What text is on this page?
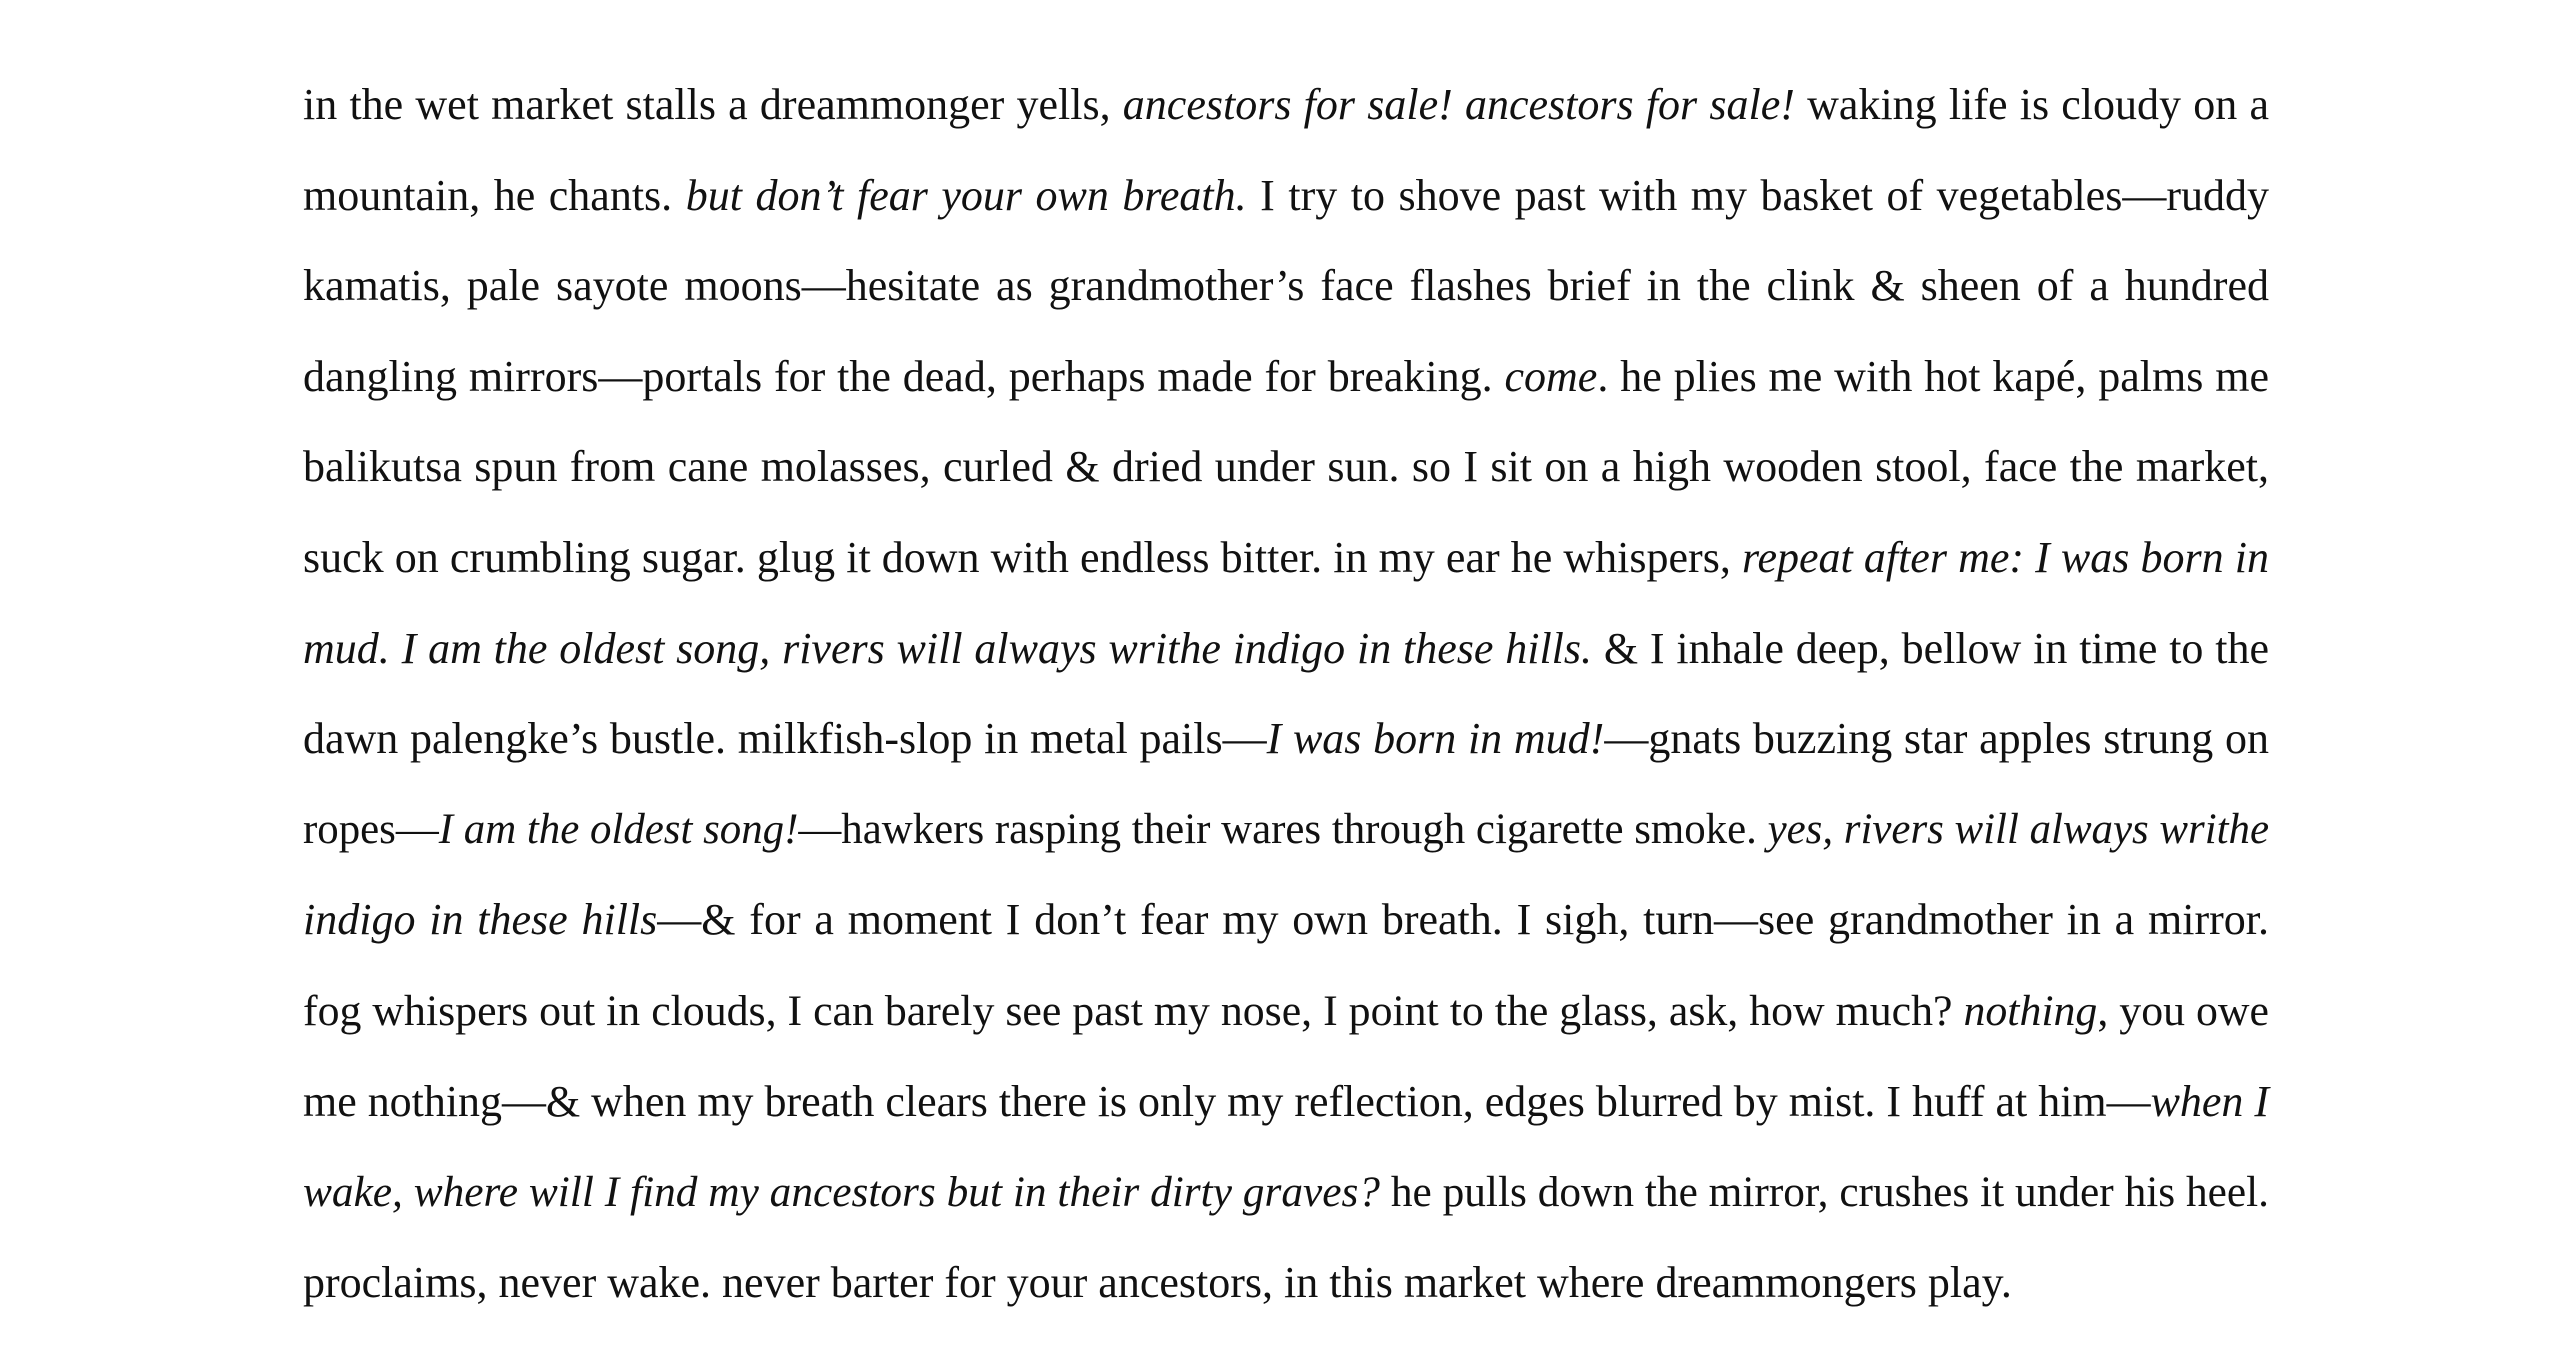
in the wet market stalls a dreammonger yells, ancestors for sale! ancestors for sale! waking life is cloudy on a
mountain, he chants. but don’t fear your own breath. I try to shove past with my basket of vegetables—ruddy
kamatis, pale sayote moons—hesitate as grandmother’s face flashes brief in the clink & sheen of a hundred
dangling mirrors—portals for the dead, perhaps made for breaking. come. he plies me with hot kapé, palms me
balikutsa spun from cane molasses, curled & dried under sun. so I sit on a high wooden stool, face the market,
suck on crumbling sugar. glug it down with endless bitter. in my ear he whispers, repeat after me: I was born in
mud. I am the oldest song, rivers will always writhe indigo in these hills. & I inhale deep, bellow in time to the
dawn palengke’s bustle. milkfish-slop in metal pails—I was born in mud!—gnats buzzing star apples strung on
ropes—I am the oldest song!—hawkers rasping their wares through cigarette smoke. yes, rivers will always writhe
indigo in these hills—& for a moment I don’t fear my own breath. I sigh, turn—see grandmother in a mirror.
fog whispers out in clouds, I can barely see past my nose, I point to the glass, ask, how much? nothing, you owe
me nothing—& when my breath clears there is only my reflection, edges blurred by mist. I huff at him—when I
wake, where will I find my ancestors but in their dirty graves? he pulls down the mirror, crushes it under his heel.
proclaims, never wake. never barter for your ancestors, in this market where dreammongers play.
